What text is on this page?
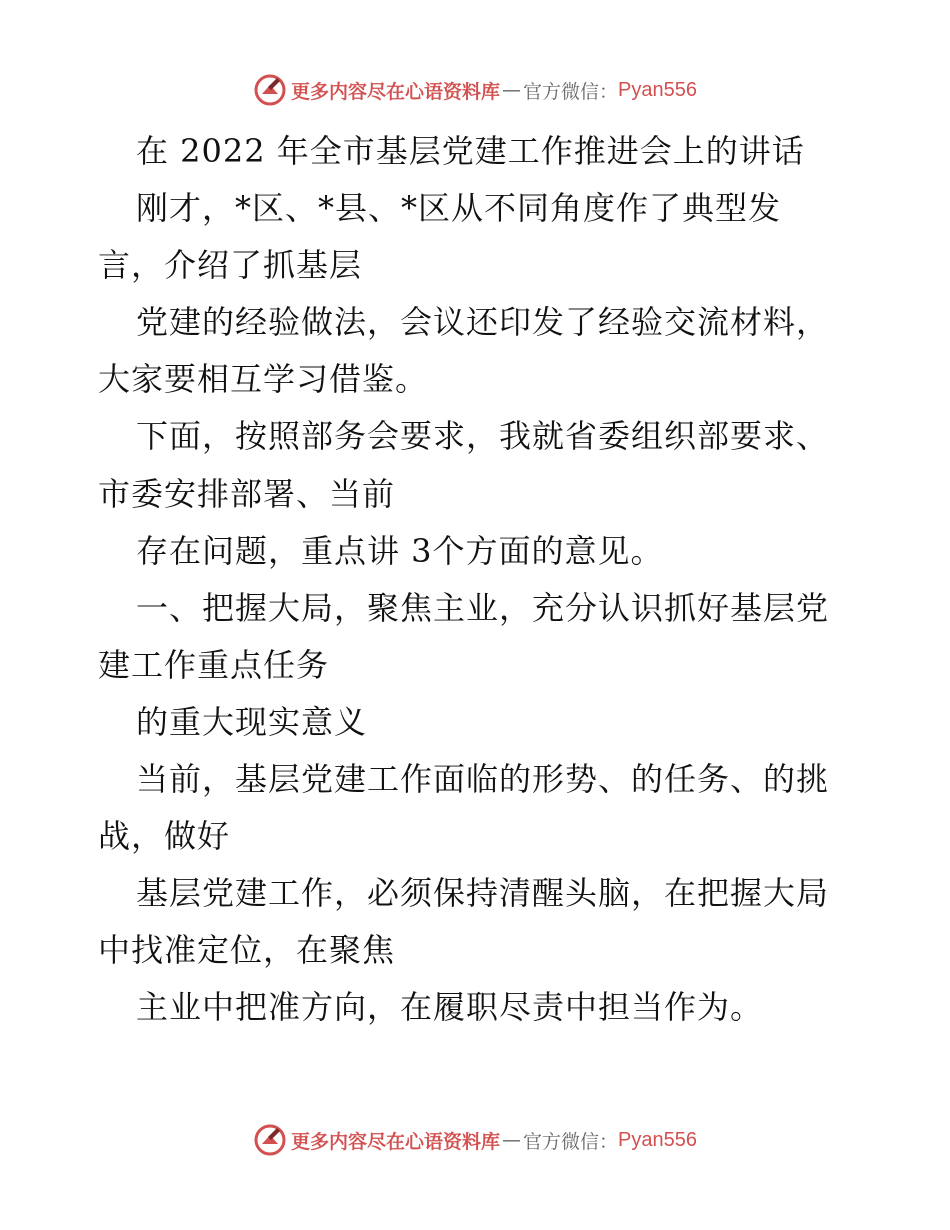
更多内容尽在心语资料库 — 官方微信： Pyan556
在 2022 年全市基层党建工作推进会上的讲话
刚才，*区、*县、*区从不同角度作了典型发
言，介绍了抓基层
党建的经验做法，会议还印发了经验交流材料，
大家要相互学习借鉴。
下面，按照部务会要求，我就省委组织部要求、
市委安排部署、当前
存在问题，重点讲 3个方面的意见。
一、把握大局，聚焦主业，充分认识抓好基层党
建工作重点任务
的重大现实意义
当前，基层党建工作面临的形势、的任务、的挑
战，做好
基层党建工作，必须保持清醒头脑，在把握大局
中找准定位，在聚焦
主业中把准方向，在履职尽责中担当作为。
更多内容尽在心语资料库 — 官方微信： Pyan556
